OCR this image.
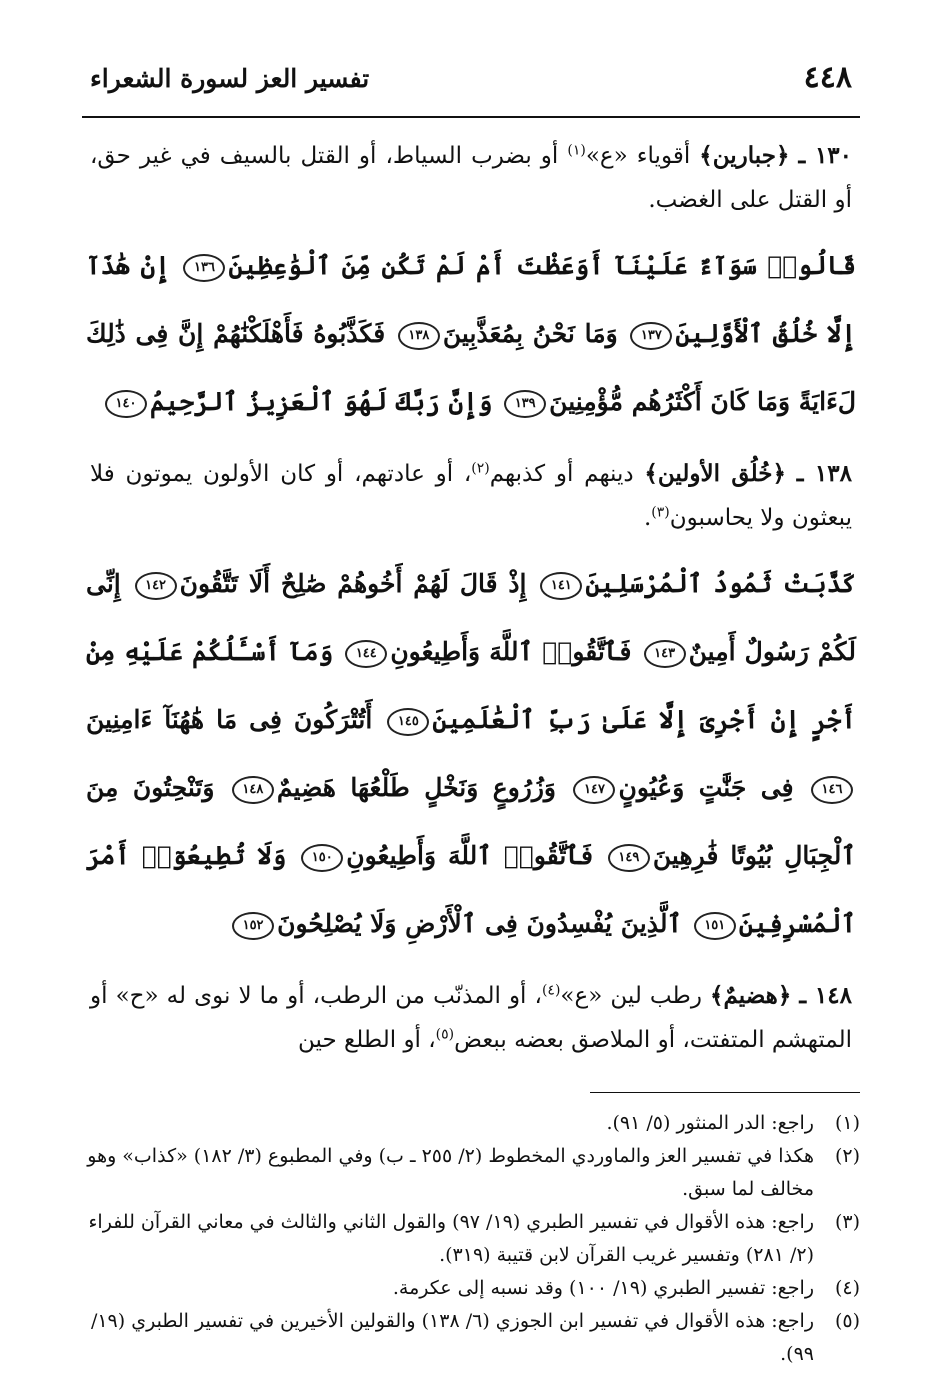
٤٤٨
تفسير العز لسورة الشعراء

١٣٠ ـ ﴿جبارين﴾ أقوياء «ع»$^{(١)}$ أو بضرب السياط، أو القتل بالسيف في غير حق، أو القتل على الغضب.

قَالُوا۟ سَوَآءٌ عَلَيْنَآ أَوَعَظْتَ أَمْ لَمْ تَكُن مِّنَ ٱلْوَٰعِظِينَ١٣٦ إِنْ هَٰذَآ إِلَّا خُلُقُ ٱلْأَوَّلِينَ١٣٧ وَمَا نَحْنُ بِمُعَذَّبِينَ١٣٨ فَكَذَّبُوهُ فَأَهْلَكْنَٰهُمْ إِنَّ فِى ذَٰلِكَ لَءَايَةً وَمَا كَانَ أَكْثَرُهُم مُّؤْمِنِينَ١٣٩ وَإِنَّ رَبَّكَ لَهُوَ ٱلْعَزِيزُ ٱلرَّحِيمُ١٤٠

١٣٨ ـ ﴿خُلُق الأولين﴾ دينهم أو كذبهم$^{(٢)}$، أو عادتهم، أو كان الأولون يموتون فلا يبعثون ولا يحاسبون$^{(٣)}$.

كَذَّبَتْ ثَمُودُ ٱلْمُرْسَلِينَ١٤١ إِذْ قَالَ لَهُمْ أَخُوهُمْ صَٰلِحٌ أَلَا تَتَّقُونَ١٤٢ إِنِّى لَكُمْ رَسُولٌ أَمِينٌ١٤٣ فَٱتَّقُوا۟ ٱللَّهَ وَأَطِيعُونِ١٤٤ وَمَآ أَسْـَٔلُكُمْ عَلَيْهِ مِنْ أَجْرٍ إِنْ أَجْرِىَ إِلَّا عَلَىٰ رَبِّ ٱلْعَٰلَمِينَ١٤٥ أَتُتْرَكُونَ فِى مَا هَٰهُنَآ ءَامِنِينَ١٤٦ فِى جَنَّٰتٍ وَعُيُونٍ١٤٧ وَزُرُوعٍ وَنَخْلٍ طَلْعُهَا هَضِيمٌ١٤٨ وَتَنْحِتُونَ مِنَ ٱلْجِبَالِ بُيُوتًا فَٰرِهِينَ١٤٩ فَٱتَّقُوا۟ ٱللَّهَ وَأَطِيعُونِ١٥٠ وَلَا تُطِيعُوٓا۟ أَمْرَ ٱلْمُسْرِفِينَ١٥١ ٱلَّذِينَ يُفْسِدُونَ فِى ٱلْأَرْضِ وَلَا يُصْلِحُونَ١٥٢

١٤٨ ـ ﴿هضيمٌ﴾ رطب لين «ع»$^{(٤)}$، أو المذنّب من الرطب، أو ما لا نوى له «ح» أو المتهشم المتفتت، أو الملاصق بعضه ببعض$^{(٥)}$، أو الطلع حين

(١)
راجع: الدر المنثور (٥/ ٩١).
(٢)
هكذا في تفسير العز والماوردي المخطوط (٢/ ٢٥٥ ـ ب) وفي المطبوع (٣/ ١٨٢) «كذاب» وهو مخالف لما سبق.
(٣)
راجع: هذه الأقوال في تفسير الطبري (١٩/ ٩٧) والقول الثاني والثالث في معاني القرآن للفراء (٢/ ٢٨١) وتفسير غريب القرآن لابن قتيبة (٣١٩).
(٤)
راجع: تفسير الطبري (١٩/ ١٠٠) وقد نسبه إلى عكرمة.
(٥)
راجع: هذه الأقوال في تفسير ابن الجوزي (٦/ ١٣٨) والقولين الأخيرين في تفسير الطبري (١٩/ ٩٩).
